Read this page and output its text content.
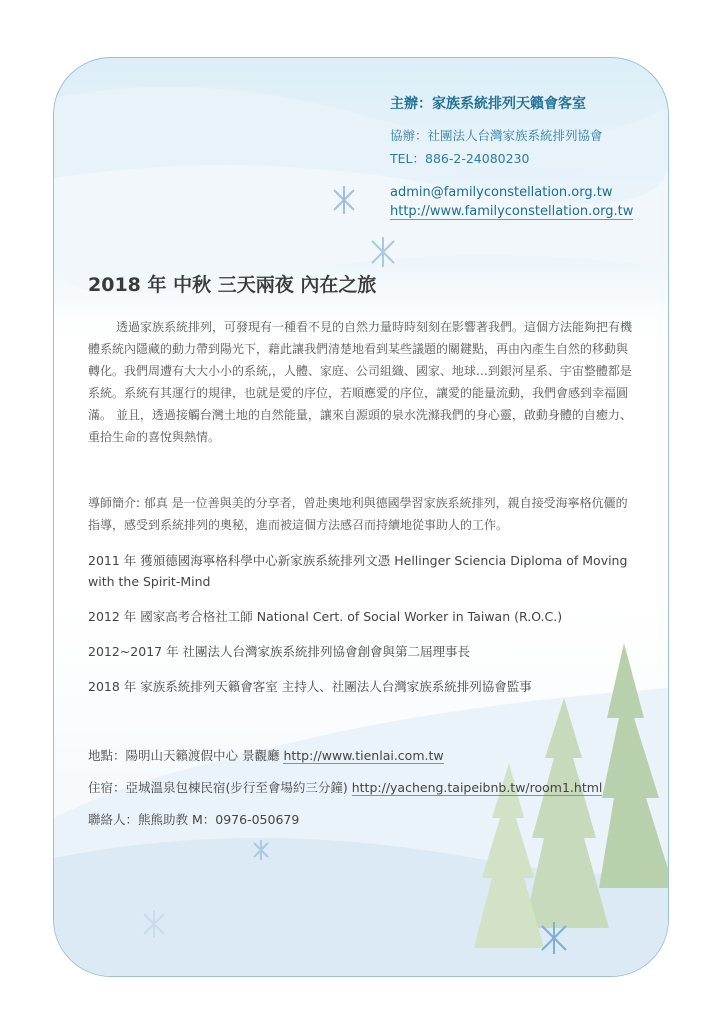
主辦：家族系統排列天籟會客室
協辦：社團法人台灣家族系統排列協會
TEL：886-2-24080230
admin@familyconstellation.org.tw
http://www.familyconstellation.org.tw
2018 年 中秋 三天兩夜 內在之旅
透過家族系統排列，可發現有一種看不見的自然力量時時刻刻在影響著我們。這個方法能夠把有機體系統內隱藏的動力帶到陽光下，藉此讓我們清楚地看到某些議題的關鍵點，再由內產生自然的移動與轉化。我們周遭有大大小小的系統,，人體、家庭、公司組織、國家、地球…到銀河星系、宇宙整體都是系統。系統有其運行的規律，也就是愛的序位，若順應愛的序位，讓愛的能量流動，我們會感到幸福圓滿。 並且，透過接觸台灣土地的自然能量，讓來自源頭的泉水洗滌我們的身心靈，啟動身體的自癒力、重拾生命的喜悅與熱情。
導師簡介: 郁真 是一位善與美的分享者，曾赴奧地利與德國學習家族系統排列，親自接受海寧格伉儷的指導，感受到系統排列的奧秘，進而被這個方法感召而持續地從事助人的工作。
2011 年 獲頒德國海寧格科學中心新家族系統排列文憑 Hellinger Sciencia Diploma of Moving with the Spirit-Mind
2012 年 國家高考合格社工師 National Cert. of Social Worker in Taiwan (R.O.C.)
2012~2017 年 社團法人台灣家族系統排列協會創會與第二屆理事長
2018 年 家族系統排列天籟會客室 主持人、社團法人台灣家族系統排列協會監事
地點：陽明山天籟渡假中心 景觀廳 http://www.tienlai.com.tw
住宿：亞城溫泉包棟民宿(步行至會場約三分鐘) http://yacheng.taipeibnb.tw/room1.html
聯絡人：熊熊助教 M：0976-050679
